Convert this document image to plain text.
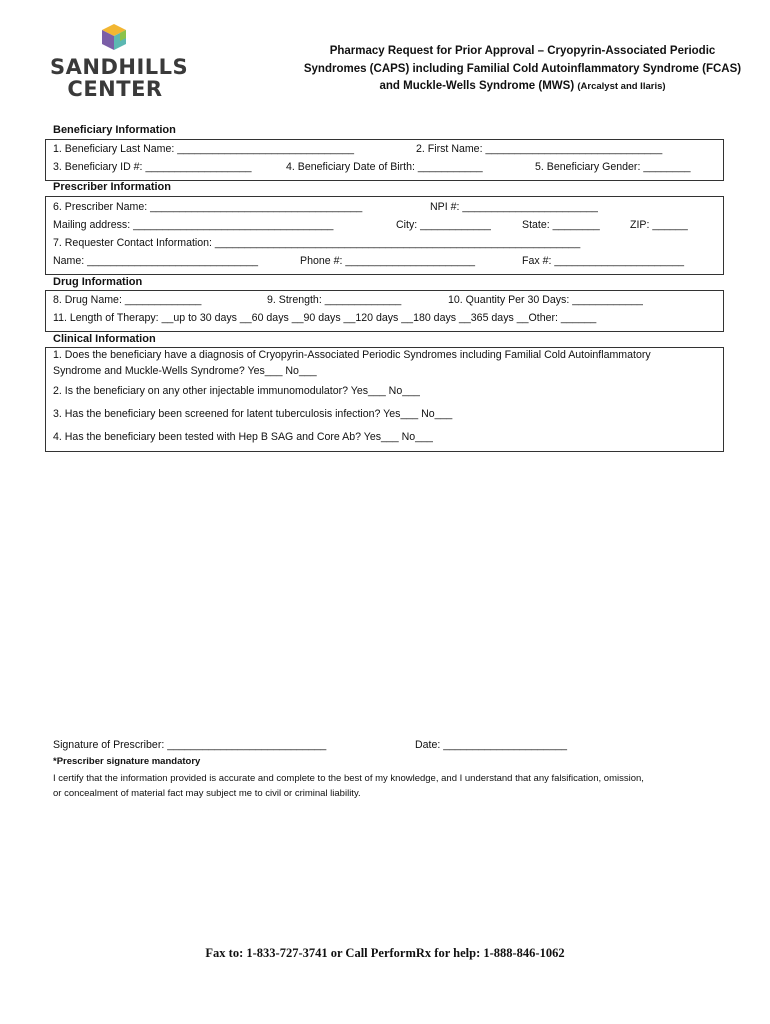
SANDHILLS
CENTER
Pharmacy Request for Prior Approval – Cryopyrin-Associated Periodic Syndromes (CAPS) including Familial Cold Autoinflammatory Syndrome (FCAS) and Muckle-Wells Syndrome (MWS) (Arcalyst and Ilaris)
Beneficiary Information
1. Beneficiary Last Name: ______________________________	2. First Name: ______________________________
3. Beneficiary ID #: __________________	4. Beneficiary Date of Birth: ___________	5. Beneficiary Gender: ________
Prescriber Information
6. Prescriber Name: ____________________________________	NPI #: _______________________
Mailing address: __________________________________	City: ____________	State: ________	ZIP: ______
7. Requester Contact Information: ______________________________________________________________
Name: _____________________________	Phone #: ______________________	Fax #: ______________________
Drug Information
8. Drug Name: _____________	9. Strength: _____________	10. Quantity Per 30 Days: ____________
11. Length of Therapy: __up to 30 days __60 days __90 days __120 days __180 days __365 days __Other: ______
Clinical Information
1. Does the beneficiary have a diagnosis of Cryopyrin-Associated Periodic Syndromes including Familial Cold Autoinflammatory
Syndrome and Muckle-Wells Syndrome? Yes___ No___
2. Is the beneficiary on any other injectable immunomodulator? Yes___ No___
3. Has the beneficiary been screened for latent tuberculosis infection? Yes___ No___
4. Has the beneficiary been tested with Hep B SAG and Core Ab? Yes___ No___
Signature of Prescriber: ___________________________	Date: _____________________
*Prescriber signature mandatory
I certify that the information provided is accurate and complete to the best of my knowledge, and I understand that any falsification, omission,
or concealment of material fact may subject me to civil or criminal liability.
Fax to: 1-833-727-3741 or Call PerformRx for help: 1-888-846-1062
